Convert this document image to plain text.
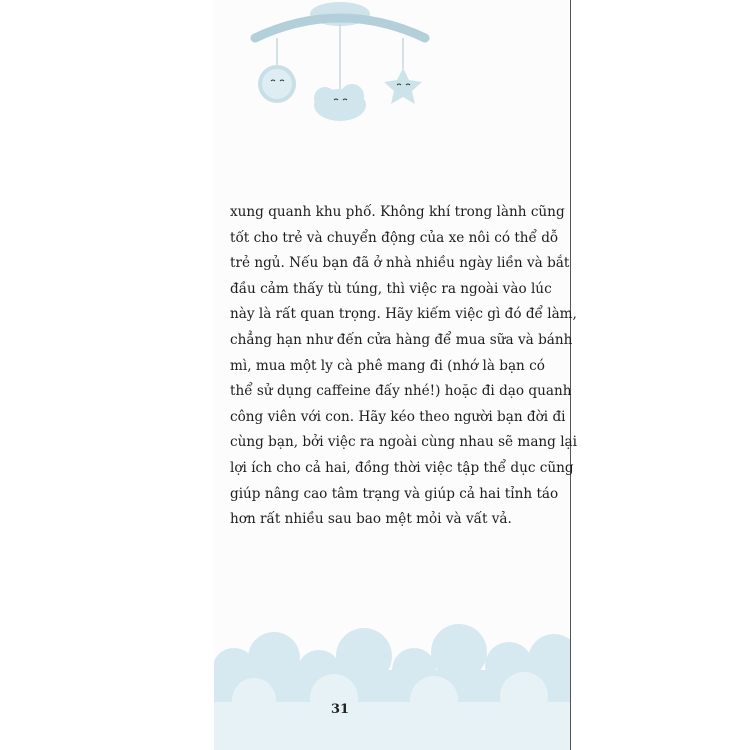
xung quanh khu phố. Không khí trong lành cũng
tốt cho trẻ và chuyển động của xe nôi có thể dỗ
trẻ ngủ. Nếu bạn đã ở nhà nhiều ngày liền và bắt
đầu cảm thấy tù túng, thì việc ra ngoài vào lúc
này là rất quan trọng. Hãy kiếm việc gì đó để làm,
chẳng hạn như đến cửa hàng để mua sữa và bánh
mì, mua một ly cà phê mang đi (nhớ là bạn có
thể sử dụng caffeine đấy nhé!) hoặc đi dạo quanh
công viên với con. Hãy kéo theo người bạn đời đi
cùng bạn, bởi việc ra ngoài cùng nhau sẽ mang lại
lợi ích cho cả hai, đồng thời việc tập thể dục cũng
giúp nâng cao tâm trạng và giúp cả hai tỉnh táo
hơn rất nhiều sau bao mệt mỏi và vất vả.
31
